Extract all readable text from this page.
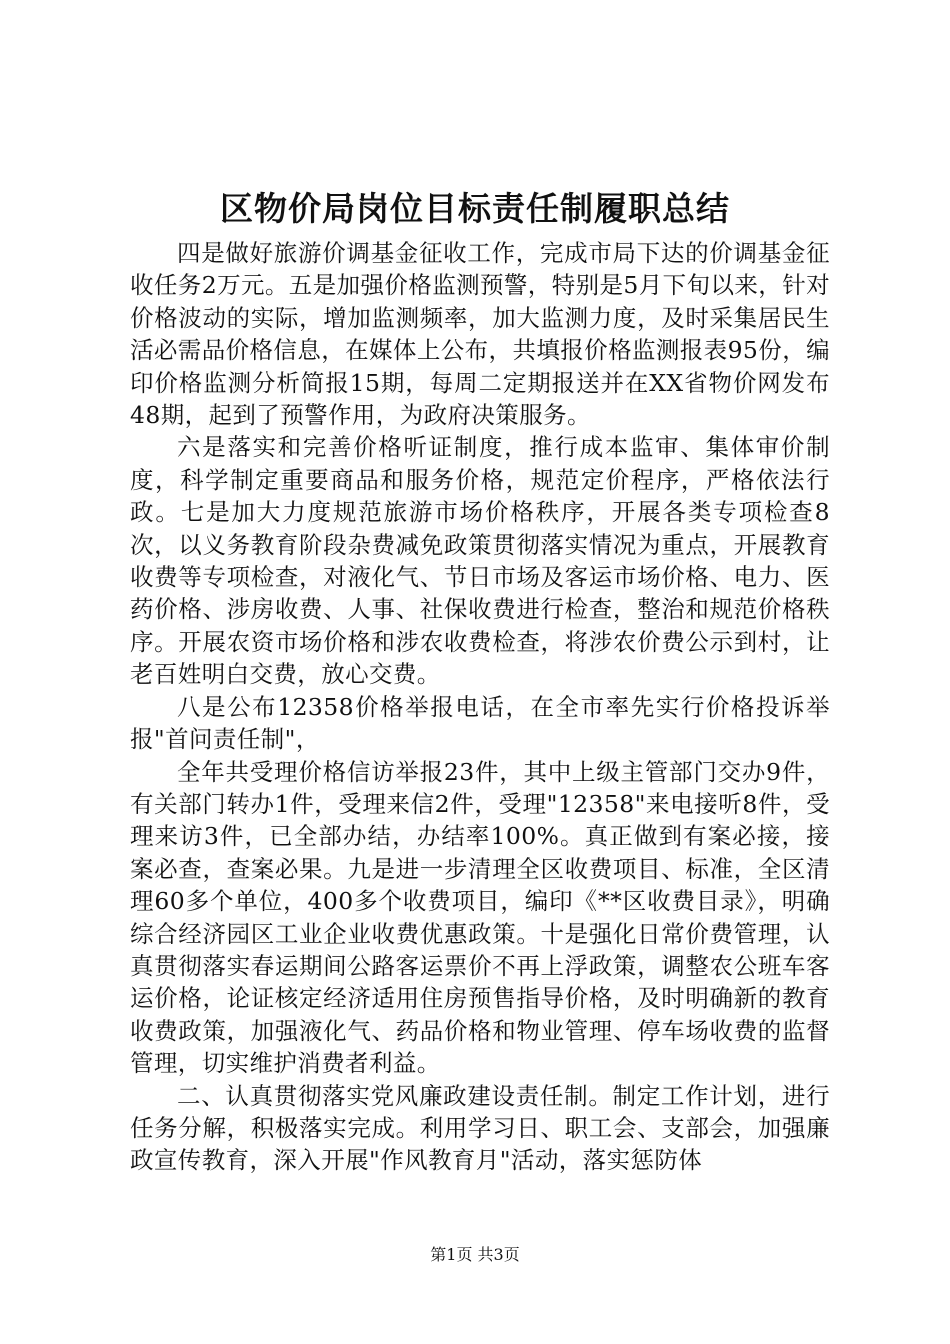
区物价局岗位目标责任制履职总结

四是做好旅游价调基金征收工作，完成市局下达的价调基金征收任务2万元。五是加强价格监测预警，特别是5月下旬以来，针对价格波动的实际，增加监测频率，加大监测力度，及时采集居民生活必需品价格信息，在媒体上公布，共填报价格监测报表95份，编印价格监测分析简报15期，每周二定期报送并在XX省物价网发布48期，起到了预警作用，为政府决策服务。

六是落实和完善价格听证制度，推行成本监审、集体审价制度，科学制定重要商品和服务价格，规范定价程序，严格依法行政。七是加大力度规范旅游市场价格秩序，开展各类专项检查8次，以义务教育阶段杂费减免政策贯彻落实情况为重点，开展教育收费等专项检查，对液化气、节日市场及客运市场价格、电力、医药价格、涉房收费、人事、社保收费进行检查，整治和规范价格秩序。开展农资市场价格和涉农收费检查，将涉农价费公示到村，让老百姓明白交费，放心交费。

八是公布12358价格举报电话，在全市率先实行价格投诉举报"首问责任制"，

全年共受理价格信访举报23件，其中上级主管部门交办9件，有关部门转办1件，受理来信2件，受理"12358"来电接听8件，受理来访3件，已全部办结，办结率100%。真正做到有案必接，接案必查，查案必果。九是进一步清理全区收费项目、标准，全区清理60多个单位，400多个收费项目，编印《**区收费目录》，明确综合经济园区工业企业收费优惠政策。十是强化日常价费管理，认真贯彻落实春运期间公路客运票价不再上浮政策，调整农公班车客运价格，论证核定经济适用住房预售指导价格，及时明确新的教育收费政策，加强液化气、药品价格和物业管理、停车场收费的监督管理，切实维护消费者利益。

二、认真贯彻落实党风廉政建设责任制。制定工作计划，进行任务分解，积极落实完成。利用学习日、职工会、支部会，加强廉政宣传教育，深入开展"作风教育月"活动，落实惩防体

第1页 共3页
